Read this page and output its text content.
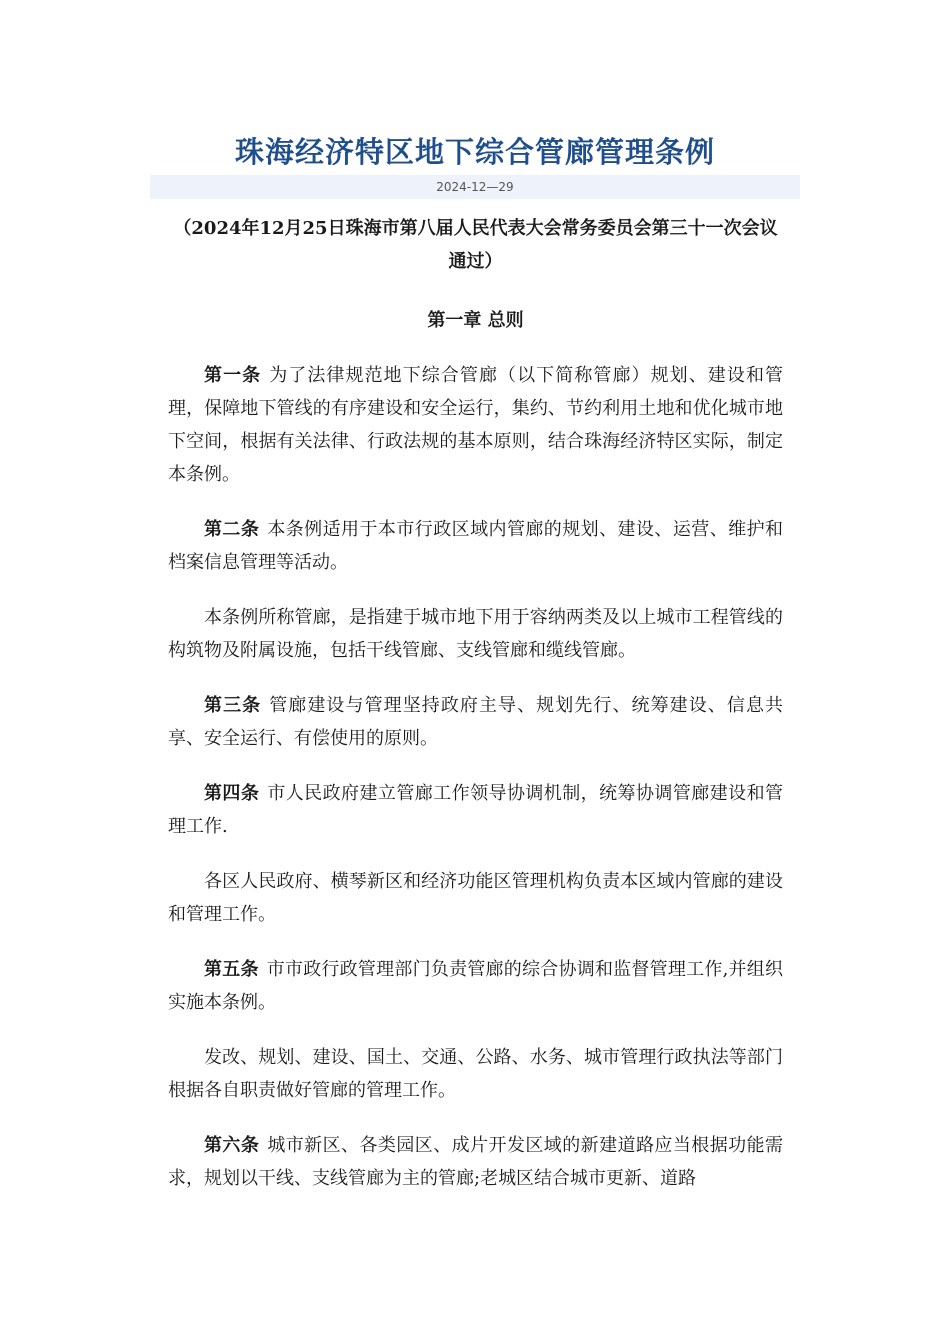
珠海经济特区地下综合管廊管理条例
2024-12—29

（2024年12月25日珠海市第八届人民代表大会常务委员会第三十一次会议通过）

第一章 总则

第一条 为了法律规范地下综合管廊（以下简称管廊）规划、建设和管理，保障地下管线的有序建设和安全运行，集约、节约利用土地和优化城市地下空间，根据有关法律、行政法规的基本原则，结合珠海经济特区实际，制定本条例。

第二条 本条例适用于本市行政区域内管廊的规划、建设、运营、维护和档案信息管理等活动。

本条例所称管廊，是指建于城市地下用于容纳两类及以上城市工程管线的构筑物及附属设施，包括干线管廊、支线管廊和缆线管廊。

第三条 管廊建设与管理坚持政府主导、规划先行、统筹建设、信息共享、安全运行、有偿使用的原则。

第四条 市人民政府建立管廊工作领导协调机制，统筹协调管廊建设和管理工作.

各区人民政府、横琴新区和经济功能区管理机构负责本区域内管廊的建设和管理工作。

第五条 市市政行政管理部门负责管廊的综合协调和监督管理工作,并组织实施本条例。

发改、规划、建设、国土、交通、公路、水务、城市管理行政执法等部门根据各自职责做好管廊的管理工作。

第六条 城市新区、各类园区、成片开发区域的新建道路应当根据功能需求，规划以干线、支线管廊为主的管廊;老城区结合城市更新、道路
